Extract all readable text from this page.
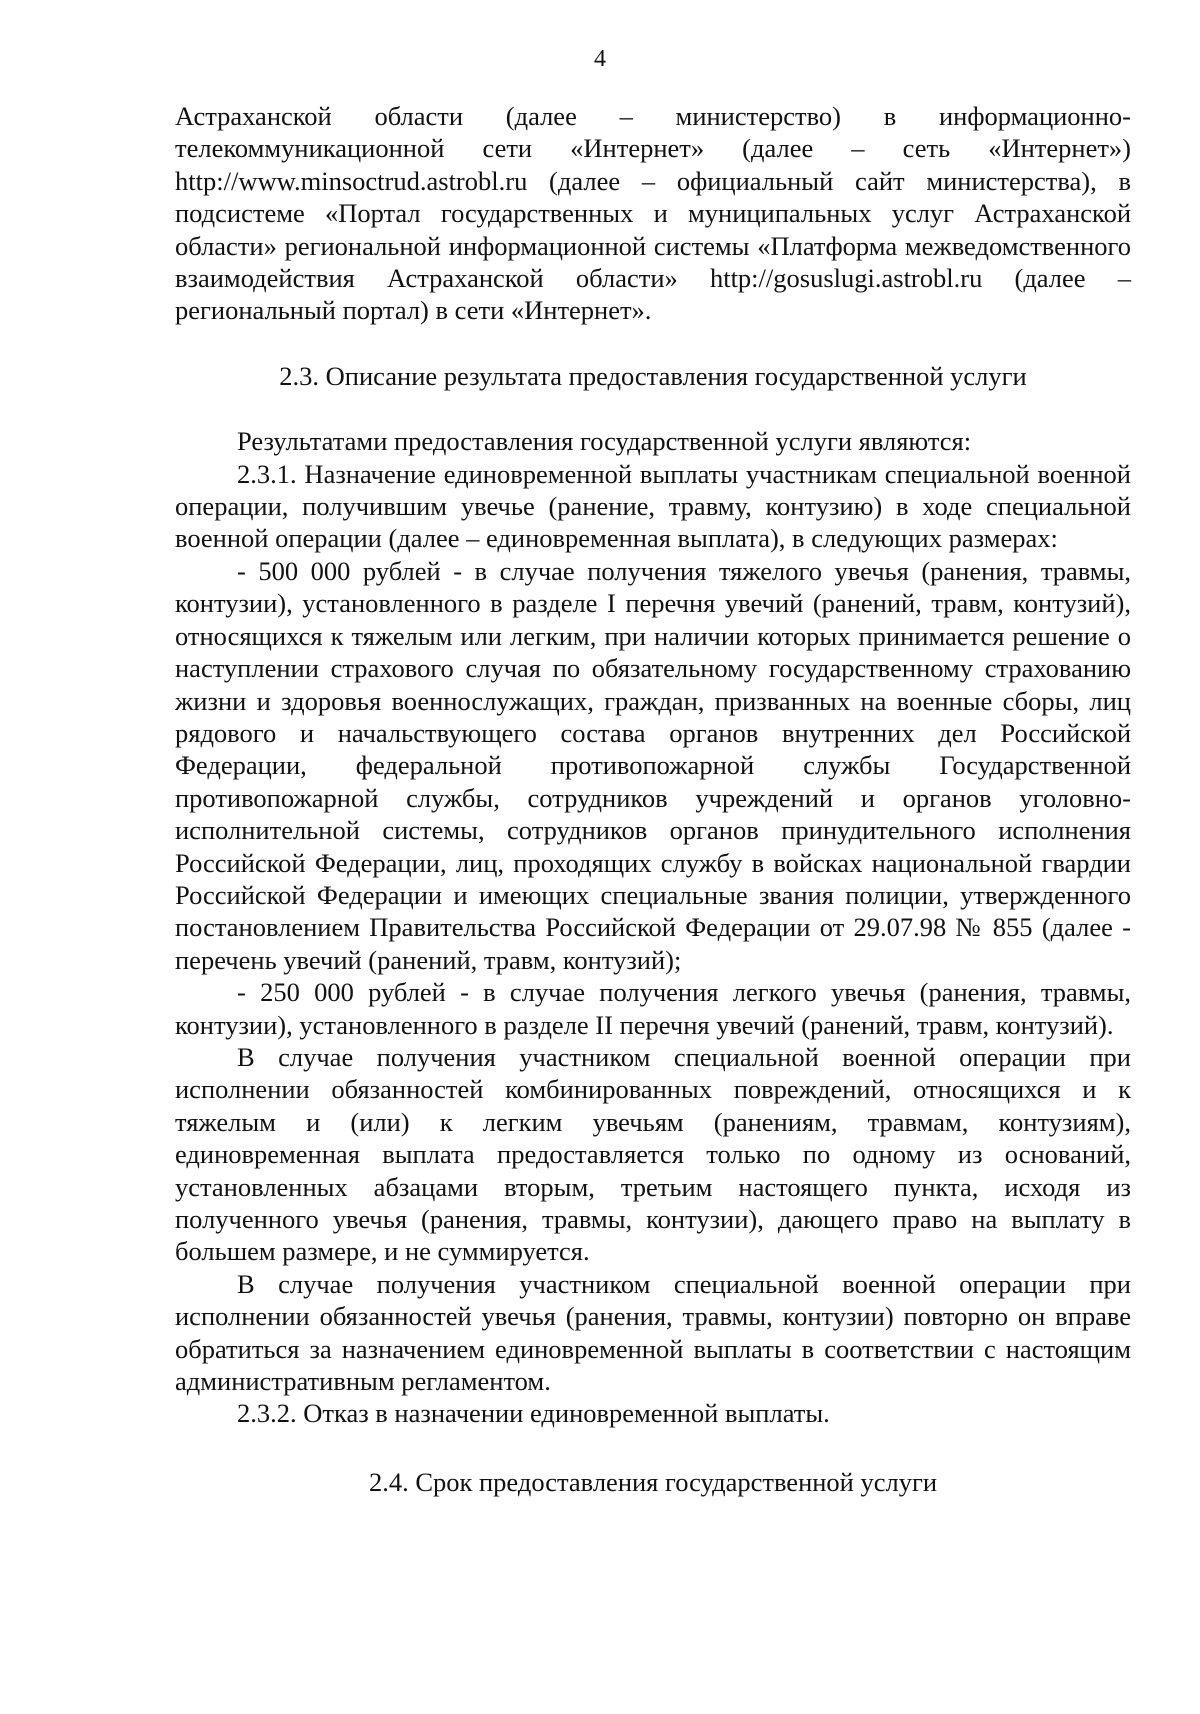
4

Астраханской области (далее – министерство) в информационно-телекоммуникационной сети «Интернет» (далее – сеть «Интернет») http://www.minsoctrud.astrobl.ru (далее – официальный сайт министерства), в подсистеме «Портал государственных и муниципальных услуг Астраханской области» региональной информационной системы «Платформа межведомственного взаимодействия Астраханской области» http://gosuslugi.astrobl.ru (далее – региональный портал) в сети «Интернет».

2.3. Описание результата предоставления государственной услуги

Результатами предоставления государственной услуги являются:

2.3.1. Назначение единовременной выплаты участникам специальной военной операции, получившим увечье (ранение, травму, контузию) в ходе специальной военной операции (далее – единовременная выплата), в следующих размерах:

- 500 000 рублей - в случае получения тяжелого увечья (ранения, травмы, контузии), установленного в разделе I перечня увечий (ранений, травм, контузий), относящихся к тяжелым или легким, при наличии которых принимается решение о наступлении страхового случая по обязательному государственному страхованию жизни и здоровья военнослужащих, граждан, призванных на военные сборы, лиц рядового и начальствующего состава органов внутренних дел Российской Федерации, федеральной противопожарной службы Государственной противопожарной службы, сотрудников учреждений и органов уголовно-исполнительной системы, сотрудников органов принудительного исполнения Российской Федерации, лиц, проходящих службу в войсках национальной гвардии Российской Федерации и имеющих специальные звания полиции, утвержденного постановлением Правительства Российской Федерации от 29.07.98 № 855 (далее - перечень увечий (ранений, травм, контузий);

- 250 000 рублей - в случае получения легкого увечья (ранения, травмы, контузии), установленного в разделе II перечня увечий (ранений, травм, контузий).

В случае получения участником специальной военной операции при исполнении обязанностей комбинированных повреждений, относящихся и к тяжелым и (или) к легким увечьям (ранениям, травмам, контузиям), единовременная выплата предоставляется только по одному из оснований, установленных абзацами вторым, третьим настоящего пункта, исходя из полученного увечья (ранения, травмы, контузии), дающего право на выплату в большем размере, и не суммируется.

В случае получения участником специальной военной операции при исполнении обязанностей увечья (ранения, травмы, контузии) повторно он вправе обратиться за назначением единовременной выплаты в соответствии с настоящим административным регламентом.

2.3.2. Отказ в назначении единовременной выплаты.

2.4. Срок предоставления государственной услуги
